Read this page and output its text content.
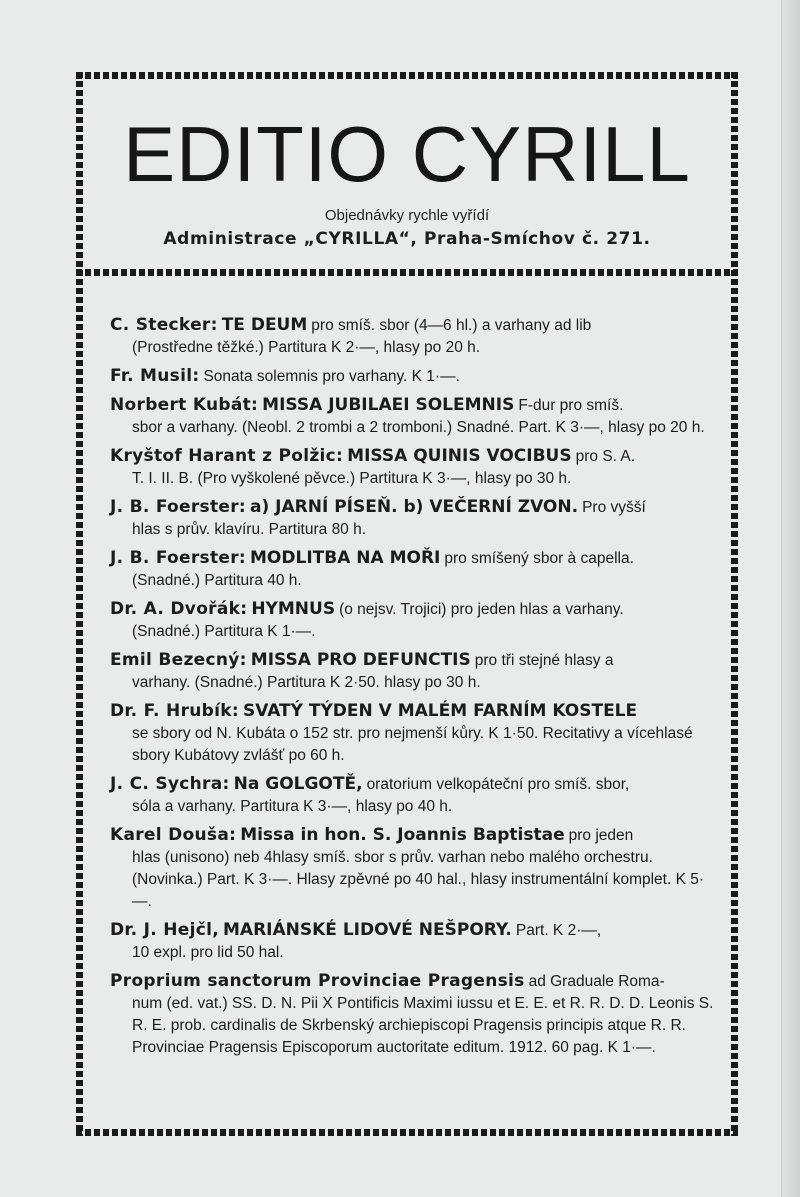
EDITIO CYRILL
Objednávky rychle vyřídí
Administrace „CYRILLA“, Praha-Smíchov č. 271.
C. Stecker: TE DEUM pro smíš. sbor (4—6 hl.) a varhany ad lib
(Prostředne těžké.) Partitura K 2·—, hlasy po 20 h.
Fr. Musil: Sonata solemnis pro varhany. K 1·—.
Norbert Kubát: MISSA JUBILAEI SOLEMNIS F-dur pro smíš.
sbor a varhany. (Neobl. 2 trombi a 2 tromboni.) Snadné. Part. K 3·—, hlasy po 20 h.
Kryštof Harant z Polžic: MISSA QUINIS VOCIBUS pro S. A.
T. I. II. B. (Pro vyškolené pěvce.) Partitura K 3·—, hlasy po 30 h.
J. B. Foerster: a) JARNÍ PÍSEŇ. b) VEČERNÍ ZVON. Pro vyšší
hlas s prův. klavíru. Partitura 80 h.
J. B. Foerster: MODLITBA NA MOŘI pro smíšený sbor à capella.
(Snadné.) Partitura 40 h.
Dr. A. Dvořák: HYMNUS (o nejsv. Trojici) pro jeden hlas a varhany.
(Snadné.) Partitura K 1·—.
Emil Bezecný: MISSA PRO DEFUNCTIS pro tři stejné hlasy a
varhany. (Snadné.) Partitura K 2·50. hlasy po 30 h.
Dr. F. Hrubík: SVATÝ TÝDEN V MALÉM FARNÍM KOSTELE
se sbory od N. Kubáta o 152 str. pro nejmenší kůry. K 1·50. Recitativy a vícehlasé sbory Kubátovy zvlášť po 60 h.
J. C. Sychra: Na GOLGOTĚ, oratorium velkopáteční pro smíš. sbor,
sóla a varhany. Partitura K 3·—, hlasy po 40 h.
Karel Douša: Missa in hon. S. Joannis Baptistae pro jeden
hlas (unisono) neb 4hlasy smíš. sbor s prův. varhan nebo malého orchestru. (Novinka.) Part. K 3·—. Hlasy zpěvné po 40 hal., hlasy instrumentální komplet. K 5·—.
Dr. J. Hejčl, MARIÁNSKÉ LIDOVÉ NEŠPORY. Part. K 2·—,
10 expl. pro lid 50 hal.
Proprium sanctorum Provinciae Pragensis ad Graduale Roma-
num (ed. vat.) SS. D. N. Pii X Pontificis Maximi iussu et E. E. et R. R. D. D. Leonis S. R. E. prob. cardinalis de Skrbenský archiepiscopi Pragensis principis atque R. R. Provinciae Pragensis Episcoporum auctoritate editum. 1912. 60 pag. K 1·—.
